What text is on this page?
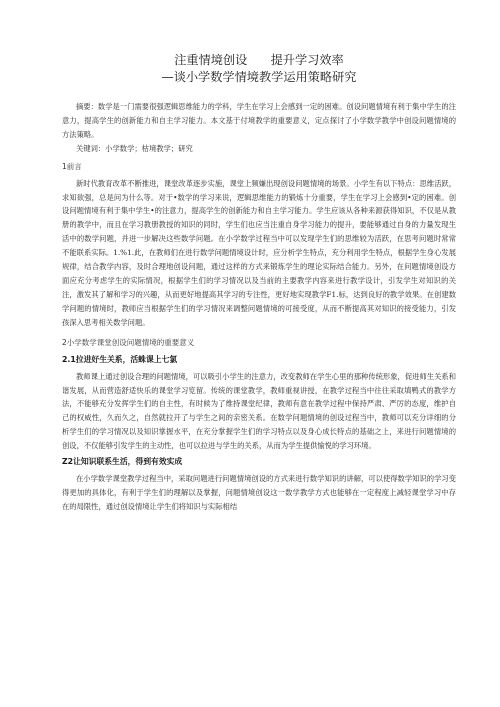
注重情境创设      提升学习效率
—谈小学数学情境教学运用策略研究

摘要：数学是一门需要很强逻辑思维能力的学科，学生在学习上会感到一定的困难。创设问题情境有利于集中学生的注意力，提高学生的创新能力和自主学习能力。本文基于付境教学的重要意义，定点探讨了小学数学教学中创设问题情境的方法策略。

关键词：小学数学；枯境教学；研究

1前言

新时代教育改革不断推进，课堂改革逐步实施，课堂上频嫌出现创设问题情境的场景。小学生有以下特点：思维活跃，求知欲强，总是问为什么等。对于•数学的学习来说，逻辑思维能力的锻炼十分重要，学生在学习上会感到•定的困难。创设问题情境有利于集中学生•的注意力，提高学生的创新能力和自主学习能力。学生应该从各种来源获得知识，不仅是从教册的教学中，而且在学习教册教授的知识的同时，学生们也应当注重自身学习能力的提升，要能够通过自身的力量发现生活中的数学问题，并进一步解决这些数学问题。在小学数学过程当中可以发现学生们的思维较为活跃，在思考问题时常常不能联系实际。1.%1.此，在教师们在进行数学问题情境设计时，应分析学生特点，充分利用学生特点，根据学生身心发展规律，结合教学内容，及时合理地创设问题，通过这样的方式来锻炼学生的理论实际结合能力。另外，在问题情境创设方面应充分考虑学生的实际情况，根据学生们的学习情况以及当前的主要教学内容来进行教学设计，引发学生对知识的关注，激发其了解和学习的兴趣，从而更好地提高其学习的专注性，更好地实现教学F1.标，达到良好的教学效果。在创建数学问题的情境时，教师应当根据学生们的学习情况来调整问题情境的可接受度，从而不断提高其对知识的接受能力，引发孩深入思考相关数学问题。

2小学数学课堂创设问题情境的重要意义
2.1拉进好生关系，活蛛课上七氯

教师课上通过创设合理的问题情境，可以吸引小学生的注意力，改变教师在学生心里的那种传统形象，促进师生关系和谐发展，从而营造舒适快乐的课堂学习览留。传统的课堂教学，教师重视讲授，在教学过程当中往往采取填鸭式的教学方法，不能够充分发挥学生们的自主性，有时候为了维持课堂纪律，教师有意在教学过程中保持严肃、严厉的态度，维护自己的权威性，久而久之，自然就拉开了与学生之间的亲密关系。在数学问题情境的创设过程当中，教师可以充分详细的分析学生们的学习情况以及知识掌握水平，在充分掌握学生们的学习特点以及身心成长特点的基础之上，来进行问题情境的创设，不仅能够引发学生的主动性，也可以拉进与学生的关系，从而为学生提供愉悦的学习环境。

Z2让知识联系生活，得到有效实成

在小学数学课堂教学过程当中，采取问题进行问题情境创设的方式来进行数学知识的讲解，可以使得数学知识的学习变得更加的具体化，有利于学生们的理解以及掌握，问题情境创设这一数学教学方式也能够在一定程度上减轻课堂学习中存在的局限性，通过创设情境让学生们将知识与实际相结
